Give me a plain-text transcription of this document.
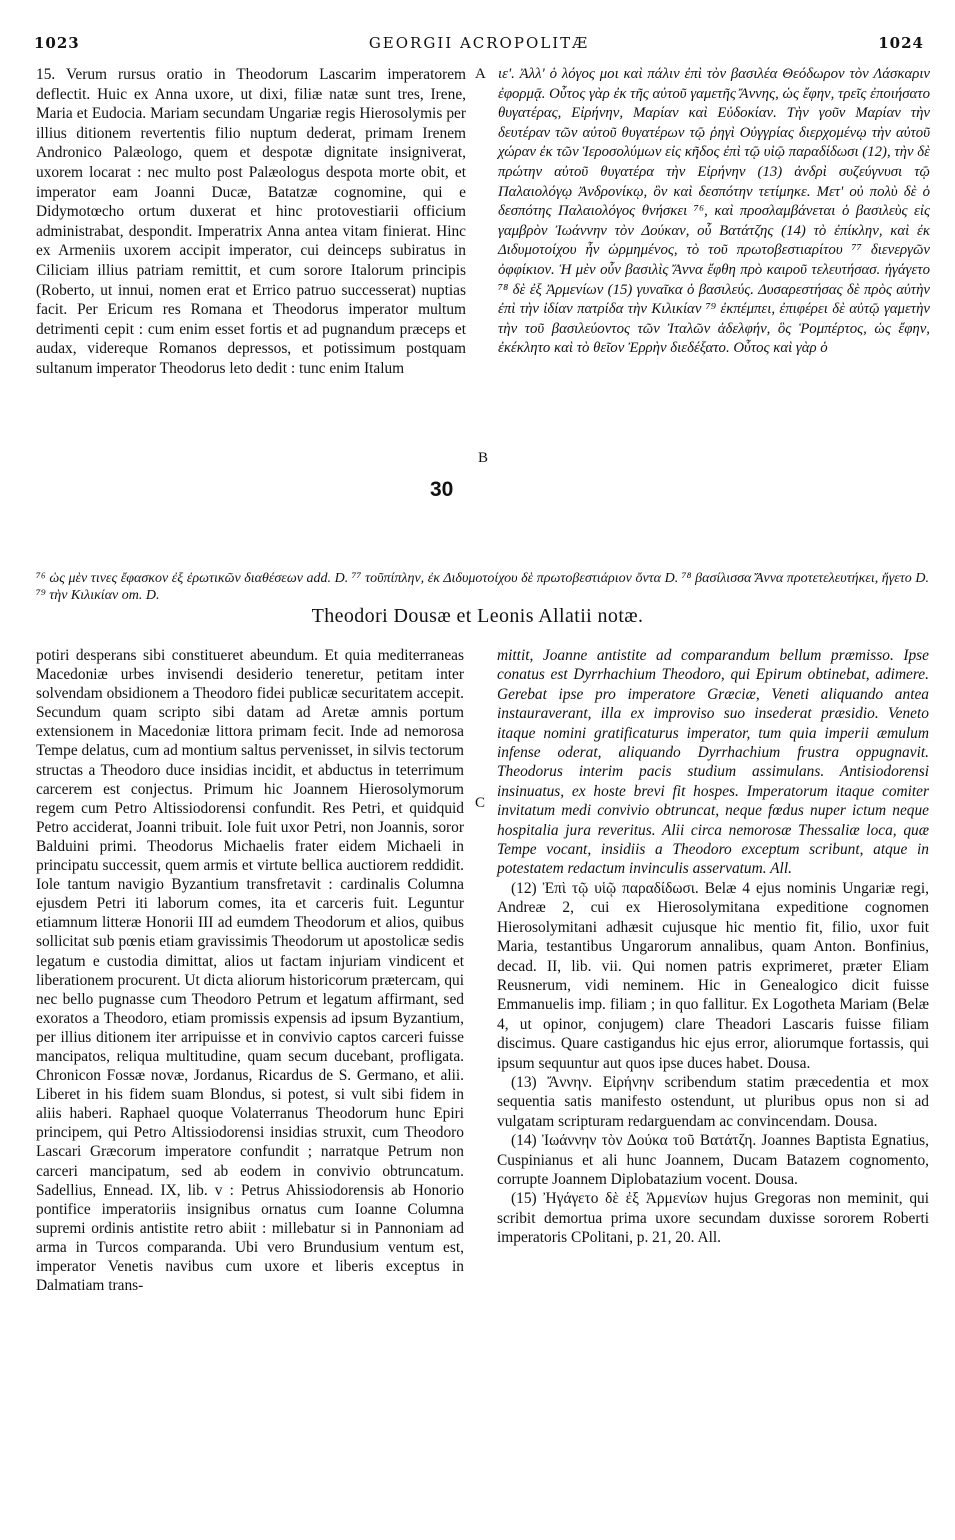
1023	GEORGII ACROPOLITÆ	1024

15. Verum rursus oratio in Theodorum Lascarim imperatorem deflectit. Huic ex Anna uxore, ut dixi, filiæ natæ sunt tres, Irene, Maria et Eudocia. Mariam secundam Ungariæ regis Hierosolymis per illius ditionem revertentis filio nuptum dederat, primam Irenem Andronico Palæologo, quem et despotæ dignitate insigniverat, uxorem locarat : nec multo post Palæologus despota morte obit, et imperator eam Joanni Ducæ, Batatzæ cognomine, qui e Didymotœcho ortum duxerat et hinc protovestiarii officium administrabat, despondit. Imperatrix Anna antea vitam finierat. Hinc ex Armeniis uxorem accipit imperator, cui deinceps subiratus in Ciliciam illius patriam remittit, et cum sorore Italorum principis (Roberto, ut innui, nomen erat et Errico patruo successerat) nuptias facit. Per Ericum res Romana et Theodorus imperator multum detrimenti cepit : cum enim esset fortis et ad pugnandum præceps et audax, videreque Romanos depressos, et potissimum postquam sultanum imperator Theodorus leto dedit : tunc enim Italum

A
B
30

ιε'. Ἀλλ' ὁ λόγος μοι καὶ πάλιν ἐπὶ τὸν βασιλέα Θεόδωρον τὸν Λάσκαριν ἐφορμᾷ. Οὗτος γὰρ ἐκ τῆς αὐτοῦ γαμετῆς Ἄννης, ὡς ἔφην, τρεῖς ἐποιήσατο θυγατέρας, Εἰρήνην, Μαρίαν καὶ Εὐδοκίαν. Τὴν γοῦν Μαρίαν τὴν δευτέραν τῶν αὐτοῦ θυγατέρων τῷ ῥηγὶ Οὐγγρίας διερχομένῳ τὴν αὐτοῦ χώραν ἐκ τῶν Ἱεροσολύμων εἰς κῆδος ἐπὶ τῷ υἱῷ παραδίδωσι (12), τὴν δὲ πρώτην αὐτοῦ θυγατέρα τὴν Εἰρήνην (13) ἀνδρὶ συζεύγνυσι τῷ Παλαιολόγῳ Ἀνδρονίκῳ, ὃν καὶ δεσπότην τετίμηκε. Μετ' οὐ πολὺ δὲ ὁ δεσπότης Παλαιολόγος θνήσκει ⁷⁶, καὶ προσλαμβάνεται ὁ βασιλεὺς εἰς γαμβρὸν Ἰωάννην τὸν Δούκαν, οὗ Βατάτζης (14) τὸ ἐπίκλην, καὶ ἐκ Διδυμοτοίχου ἦν ὡρμημένος, τὸ τοῦ πρωτοβεστιαρίτου ⁷⁷ διενεργῶν ὀφφίκιον. Ἡ μὲν οὖν βασιλὶς Ἄννα ἔφθη πρὸ καιροῦ τελευτήσασ. ἠγάγετο ⁷⁸ δὲ ἐξ Ἀρμενίων (15) γυναῖκα ὁ βασιλεύς. Δυσαρεστήσας δὲ πρὸς αὐτὴν ἐπὶ τὴν ἰδίαν πατρίδα τὴν Κιλικίαν ⁷⁹ ἐκπέμπει, ἐπιφέρει δὲ αὐτῷ γαμετὴν τὴν τοῦ βασιλεύοντος τῶν Ἰταλῶν ἀδελφήν, ὃς Ῥομπέρτος, ὡς ἔφην, ἐκέκλητο καὶ τὸ θεῖον Ἐρρὴν διεδέξατο. Οὗτος καὶ γὰρ ὁ

⁷⁶ ὡς μὲν τινες ἔφασκον ἐξ ἐρωτικῶν διαθέσεων add. D. ⁷⁷ τοῦπίπλην, ἐκ Διδυμοτοίχου δὲ πρωτοβεστιάριον ὄντα D. ⁷⁸ βασίλισσα Ἄννα προτετελευτήκει, ἤγετο D. ⁷⁹ τὴν Κιλικίαν om. D.
Theodori Dousæ et Leonis Allatii notæ.

potiri desperans sibi constitueret abeundum. Et quia mediterraneas Macedoniæ urbes invisendi desiderio teneretur, petitam inter solvendam obsidionem a Theodoro fidei publicæ securitatem accepit. Secundum quam scripto sibi datam ad Aretæ amnis portum extensionem in Macedoniæ littora primam fecit. Inde ad nemorosa Tempe delatus, cum ad montium saltus pervenisset, in silvis tectorum structas a Theodoro duce insidias incidit, et abductus in teterrimum carcerem est conjectus. Primum hic Joannem Hierosolymorum regem cum Petro Altissiodorensi confundit. Res Petri, et quidquid Petro acciderat, Joanni tribuit. Iole fuit uxor Petri, non Joannis, soror Balduini primi. Theodorus Michaelis frater eidem Michaeli in principatu successit, quem armis et virtute bellica auctiorem reddidit. Iole tantum navigio Byzantium transfretavit : cardinalis Columna ejusdem Petri iti laborum comes, ita et carceris fuit. Leguntur etiamnum litteræ Honorii III ad eumdem Theodorum et alios, quibus sollicitat sub pœnis etiam gravissimis Theodorum ut apostolicæ sedis legatum e custodia dimittat, alios ut factam injuriam vindicent et liberationem procurent. Ut dicta aliorum historicorum prætercam, qui nec bello pugnasse cum Theodoro Petrum et legatum affirmant, sed exoratos a Theodoro, etiam promissis expensis ad ipsum Byzantium, per illius ditionem iter arripuisse et in convivio captos carceri fuisse mancipatos, reliqua multitudine, quam secum ducebant, profligata. Chronicon Fossæ novæ, Jordanus, Ricardus de S. Germano, et alii. Liberet in his fidem suam Blondus, si potest, si vult sibi fidem in aliis haberi. Raphael quoque Volaterranus Theodorum hunc Epiri principem, qui Petro Altissiodorensi insidias struxit, cum Theodoro Lascari Græcorum imperatore confundit ; narratque Petrum non carceri mancipatum, sed ab eodem in convivio obtruncatum. Sadellius, Ennead. IX, lib. v : Petrus Ahissiodorensis ab Honorio pontifice imperatoriis insignibus ornatus cum Ioanne Columna supremi ordinis antistite retro abiit : millebatur si in Pannoniam ad arma in Turcos comparanda. Ubi vero Brundusium ventum est, imperator Venetis navibus cum uxore et liberis exceptus in Dalmatiam trans-

C

mittit, Joanne antistite ad comparandum bellum præmisso. Ipse conatus est Dyrrhachium Theodoro, qui Epirum obtinebat, adimere. Gerebat ipse pro imperatore Græciæ, Veneti aliquando antea instauraverant, illa ex improviso suo insederat præsidio. Veneto itaque nomini gratificaturus imperator, tum quia imperii æmulum infense oderat, aliquando Dyrrhachium frustra oppugnavit. Theodorus interim pacis studium assimulans. Antisiodorensi insinuatus, ex hoste brevi fit hospes. Imperatorum itaque comiter invitatum medi convivio obtruncat, neque fœdus nuper ictum neque hospitalia jura reveritus. Alii circa nemorosæ Thessaliæ loca, quæ Tempe vocant, insidiis a Theodoro exceptum scribunt, atque in potestatem redactum invinculis asservatum. All.

(12) Ἐπὶ τῷ υἱῷ παραδίδωσι. Belæ 4 ejus nominis Ungariæ regi, Andreæ 2, cui ex Hierosolymitana expeditione cognomen Hierosolymitani adhæsit cujusque hic mentio fit, filio, uxor fuit Maria, testantibus Ungarorum annalibus, quam Anton. Bonfinius, decad. II, lib. vii. Qui nomen patris exprimeret, præter Eliam Reusnerum, vidi neminem. Hic in Genealogico dicit fuisse Emmanuelis imp. filiam ; in quo fallitur. Ex Logotheta Mariam (Belæ 4, ut opinor, conjugem) clare Theadori Lascaris fuisse filiam discimus. Quare castigandus hic ejus error, aliorumque fortassis, qui ipsum sequuntur aut quos ipse duces habet. Dousa.

(13) Ἄννην. Εἰρήνην scribendum statim præcedentia et mox sequentia satis manifesto ostendunt, ut pluribus opus non si ad vulgatam scripturam redarguendam ac convincendam. Dousa.

(14) Ἰωάννην τὸν Δούκα τοῦ Βατάτζη. Joannes Baptista Egnatius, Cuspinianus et ali hunc Joannem, Ducam Batazem cognomento, corrupte Joannem Diplobatazium vocent. Dousa.

(15) Ἠγάγετο δὲ ἐξ Ἀρμενίων hujus Gregoras non meminit, qui scribit demortua prima uxore secundam duxisse sororem Roberti imperatoris CPolitani, p. 21, 20. All.
